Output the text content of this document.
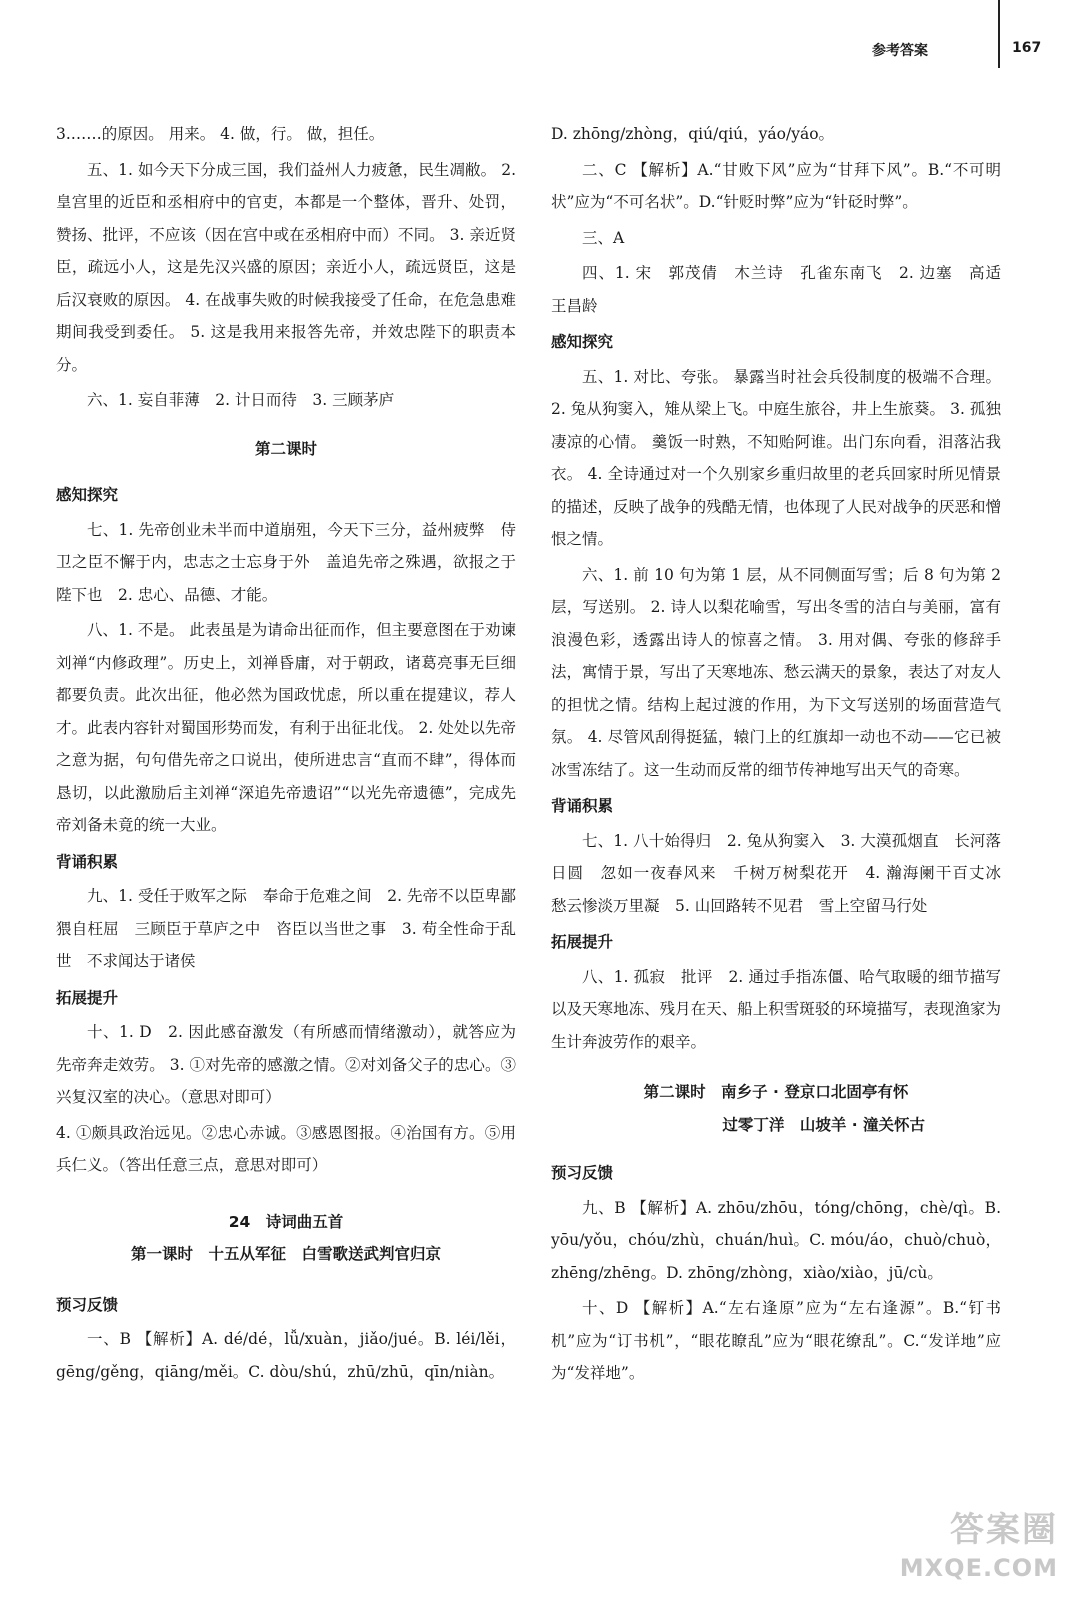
参考答案	167

3.……的原因。 用来。 4. 做，行。 做，担任。

五、1. 如今天下分成三国，我们益州人力疲惫，民生凋敝。 2. 皇宫里的近臣和丞相府中的官吏，本都是一个整体，晋升、处罚，赞扬、批评，不应该（因在宫中或在丞相府中而）不同。 3. 亲近贤臣，疏远小人，这是先汉兴盛的原因；亲近小人，疏远贤臣，这是后汉衰败的原因。 4. 在战事失败的时候我接受了任命，在危急患难期间我受到委任。 5. 这是我用来报答先帝，并效忠陛下的职责本分。

六、1. 妄自菲薄　2. 计日而待　3. 三顾茅庐

第二课时
感知探究

七、1. 先帝创业未半而中道崩殂，今天下三分，益州疲弊　侍卫之臣不懈于内，忠志之士忘身于外　盖追先帝之殊遇，欲报之于陛下也　2. 忠心、品德、才能。

八、1. 不是。 此表虽是为请命出征而作，但主要意图在于劝谏刘禅“内修政理”。历史上，刘禅昏庸，对于朝政，诸葛亮事无巨细都要负责。此次出征，他必然为国政忧虑，所以重在提建议，荐人才。此表内容针对蜀国形势而发，有利于出征北伐。 2. 处处以先帝之意为据，句句借先帝之口说出，使所进忠言“直而不肆”，得体而恳切，以此激励后主刘禅“深追先帝遗诏”“以光先帝遗德”，完成先帝刘备未竟的统一大业。

背诵积累

九、1. 受任于败军之际　奉命于危难之间　2. 先帝不以臣卑鄙　猥自枉屈　三顾臣于草庐之中　咨臣以当世之事　3. 苟全性命于乱世　不求闻达于诸侯

拓展提升

十、1. D　2. 因此感奋激发（有所感而情绪激动），就答应为先帝奔走效劳。 3. ①对先帝的感激之情。②对刘备父子的忠心。③兴复汉室的决心。（意思对即可）

4. ①颇具政治远见。②忠心赤诚。③感恩图报。④治国有方。⑤用兵仁义。（答出任意三点，意思对即可）

24　诗词曲五首
第一课时　十五从军征　白雪歌送武判官归京
预习反馈

一、B 【解析】A. dé/dé，lǚ/xuàn，jiǎo/jué。B. léi/lěi，gēng/gěng，qiāng/měi。C. dòu/shú，zhū/zhū，qīn/niàn。

D. zhōng/zhòng，qiú/qiú，yáo/yáo。

二、C 【解析】A.“甘败下风”应为“甘拜下风”。B.“不可明状”应为“不可名状”。D.“针贬时弊”应为“针砭时弊”。

三、A

四、1. 宋　郭茂倩　木兰诗　孔雀东南飞　2. 边塞　高适　王昌龄

感知探究

五、1. 对比、夸张。 暴露当时社会兵役制度的极端不合理。 2. 兔从狗窦入，雉从梁上飞。中庭生旅谷，井上生旅葵。 3. 孤独凄凉的心情。 羹饭一时熟，不知贻阿谁。出门东向看，泪落沾我衣。 4. 全诗通过对一个久别家乡重归故里的老兵回家时所见情景的描述，反映了战争的残酷无情，也体现了人民对战争的厌恶和憎恨之情。

六、1. 前 10 句为第 1 层，从不同侧面写雪；后 8 句为第 2 层，写送别。 2. 诗人以梨花喻雪，写出冬雪的洁白与美丽，富有浪漫色彩，透露出诗人的惊喜之情。 3. 用对偶、夸张的修辞手法，寓情于景，写出了天寒地冻、愁云满天的景象，表达了对友人的担忧之情。结构上起过渡的作用，为下文写送别的场面营造气氛。 4. 尽管风刮得挺猛，辕门上的红旗却一动也不动——它已被冰雪冻结了。这一生动而反常的细节传神地写出天气的奇寒。

背诵积累

七、1. 八十始得归　2. 兔从狗窦入　3. 大漠孤烟直　长河落日圆　忽如一夜春风来　千树万树梨花开　4. 瀚海阑干百丈冰　愁云惨淡万里凝　5. 山回路转不见君　雪上空留马行处

拓展提升

八、1. 孤寂　批评　2. 通过手指冻僵、哈气取暖的细节描写以及天寒地冻、残月在天、船上积雪斑驳的环境描写，表现渔家为生计奔波劳作的艰辛。

第二课时　南乡子 · 登京口北固亭有怀
过零丁洋　山坡羊 · 潼关怀古
预习反馈

九、B 【解析】A. zhōu/zhōu，tóng/chōng，chè/qì。B. yōu/yǒu，chóu/zhù，chuán/huì。C. móu/áo，chuò/chuò，zhēng/zhēng。D. zhōng/zhòng，xiào/xiào，jū/cù。

十、D 【解析】A.“左右逢原”应为“左右逢源”。B.“钉书机”应为“订书机”，“眼花瞭乱”应为“眼花缭乱”。C.“发详地”应为“发祥地”。

答案圈
MXQE.COM
